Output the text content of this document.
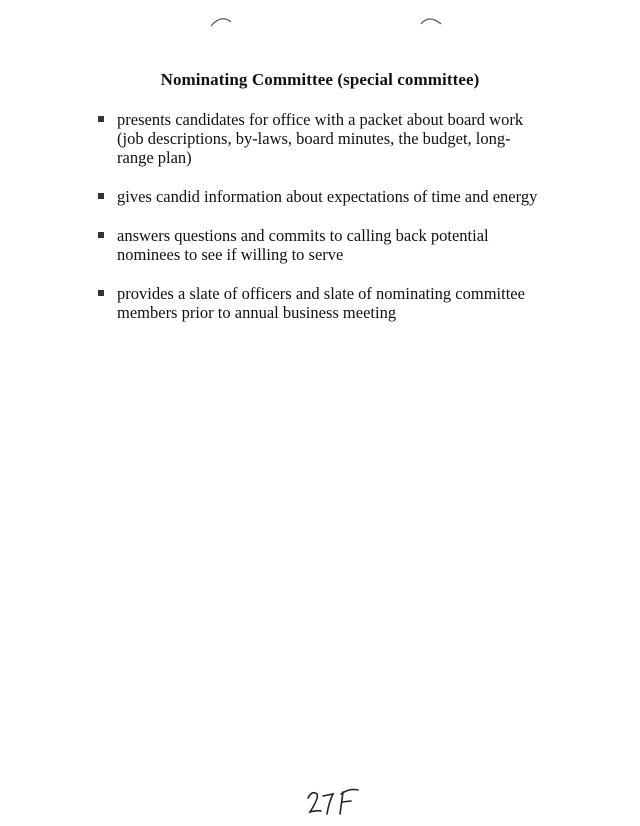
Nominating Committee (special committee)
presents candidates for office with a packet about board work (job descriptions, by-laws, board minutes, the budget, long-range plan)
gives candid information about expectations of time and energy
answers questions and commits to calling back potential nominees to see if willing to serve
provides a slate of officers and slate of nominating committee members prior to annual business meeting
